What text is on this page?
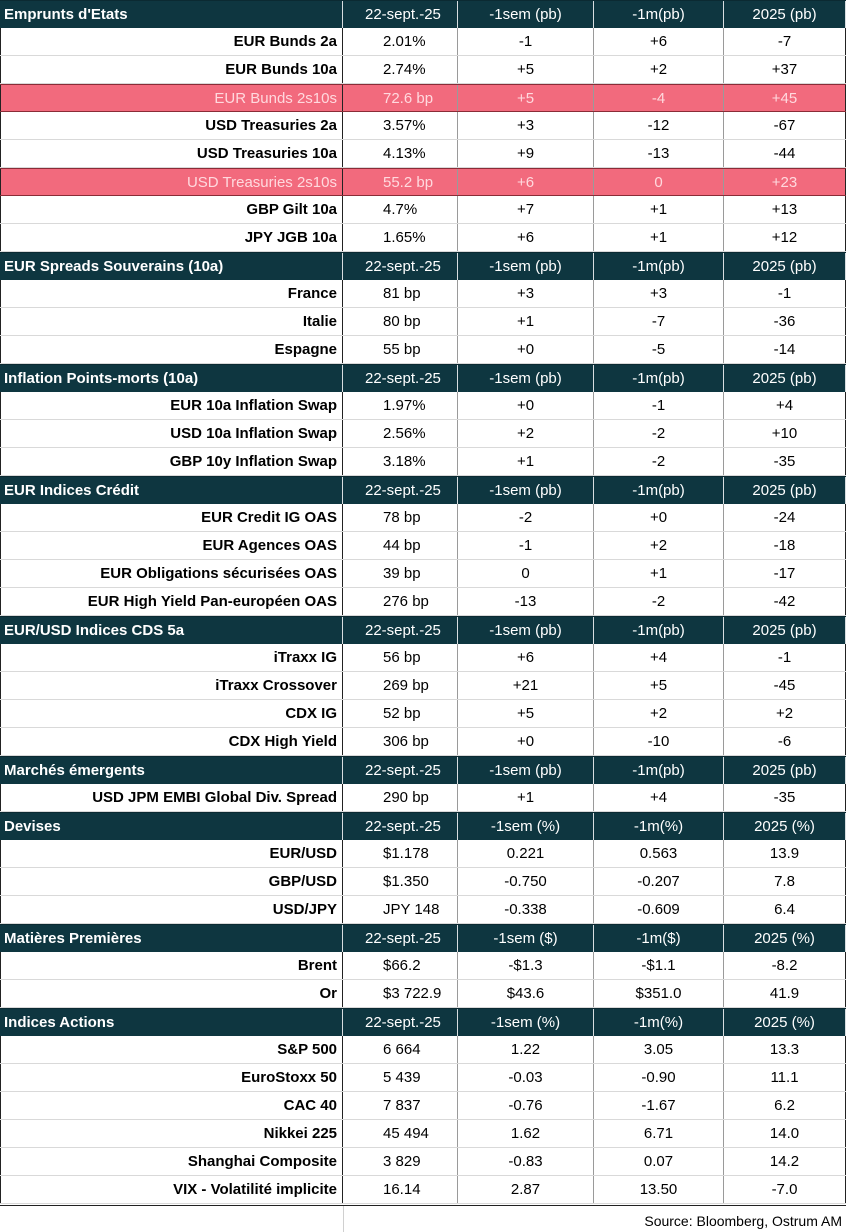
Emprunts d'Etats	22-sept.-25	-1sem (pb)	-1m(pb)	2025 (pb)
EUR Bunds 2a	2.01%	-1	+6	-7
EUR Bunds 10a	2.74%	+5	+2	+37
EUR Bunds 2s10s	72.6 bp	+5	-4	+45
USD Treasuries 2a	3.57%	+3	-12	-67
USD Treasuries 10a	4.13%	+9	-13	-44
USD Treasuries 2s10s	55.2 bp	+6	0	+23
GBP Gilt 10a	4.7%	+7	+1	+13
JPY JGB 10a	1.65%	+6	+1	+12
EUR Spreads Souverains (10a)	22-sept.-25	-1sem (pb)	-1m(pb)	2025 (pb)
France	81 bp	+3	+3	-1
Italie	80 bp	+1	-7	-36
Espagne	55 bp	+0	-5	-14
Inflation Points-morts (10a)	22-sept.-25	-1sem (pb)	-1m(pb)	2025 (pb)
EUR 10a Inflation Swap	1.97%	+0	-1	+4
USD 10a Inflation Swap	2.56%	+2	-2	+10
GBP 10y Inflation Swap	3.18%	+1	-2	-35
EUR Indices Crédit	22-sept.-25	-1sem (pb)	-1m(pb)	2025 (pb)
EUR Credit IG OAS	78 bp	-2	+0	-24
EUR Agences OAS	44 bp	-1	+2	-18
EUR Obligations sécurisées OAS	39 bp	0	+1	-17
EUR High Yield Pan-européen OAS	276 bp	-13	-2	-42
EUR/USD Indices CDS 5a	22-sept.-25	-1sem (pb)	-1m(pb)	2025 (pb)
iTraxx IG	56 bp	+6	+4	-1
iTraxx Crossover	269 bp	+21	+5	-45
CDX IG	52 bp	+5	+2	+2
CDX High Yield	306 bp	+0	-10	-6
Marchés émergents	22-sept.-25	-1sem (pb)	-1m(pb)	2025 (pb)
USD JPM EMBI Global Div. Spread	290 bp	+1	+4	-35
Devises	22-sept.-25	-1sem (%)	-1m(%)	2025 (%)
EUR/USD	$1.178	0.221	0.563	13.9
GBP/USD	$1.350	-0.750	-0.207	7.8
USD/JPY	JPY 148	-0.338	-0.609	6.4
Matières Premières	22-sept.-25	-1sem ($)	-1m($)	2025 (%)
Brent	$66.2	-$1.3	-$1.1	-8.2
Or	$3 722.9	$43.6	$351.0	41.9
Indices Actions	22-sept.-25	-1sem (%)	-1m(%)	2025 (%)
S&P 500	6 664	1.22	3.05	13.3
EuroStoxx 50	5 439	-0.03	-0.90	11.1
CAC 40	7 837	-0.76	-1.67	6.2
Nikkei 225	45 494	1.62	6.71	14.0
Shanghai Composite	3 829	-0.83	0.07	14.2
VIX - Volatilité implicite	16.14	2.87	13.50	-7.0
Source: Bloomberg, Ostrum AM
